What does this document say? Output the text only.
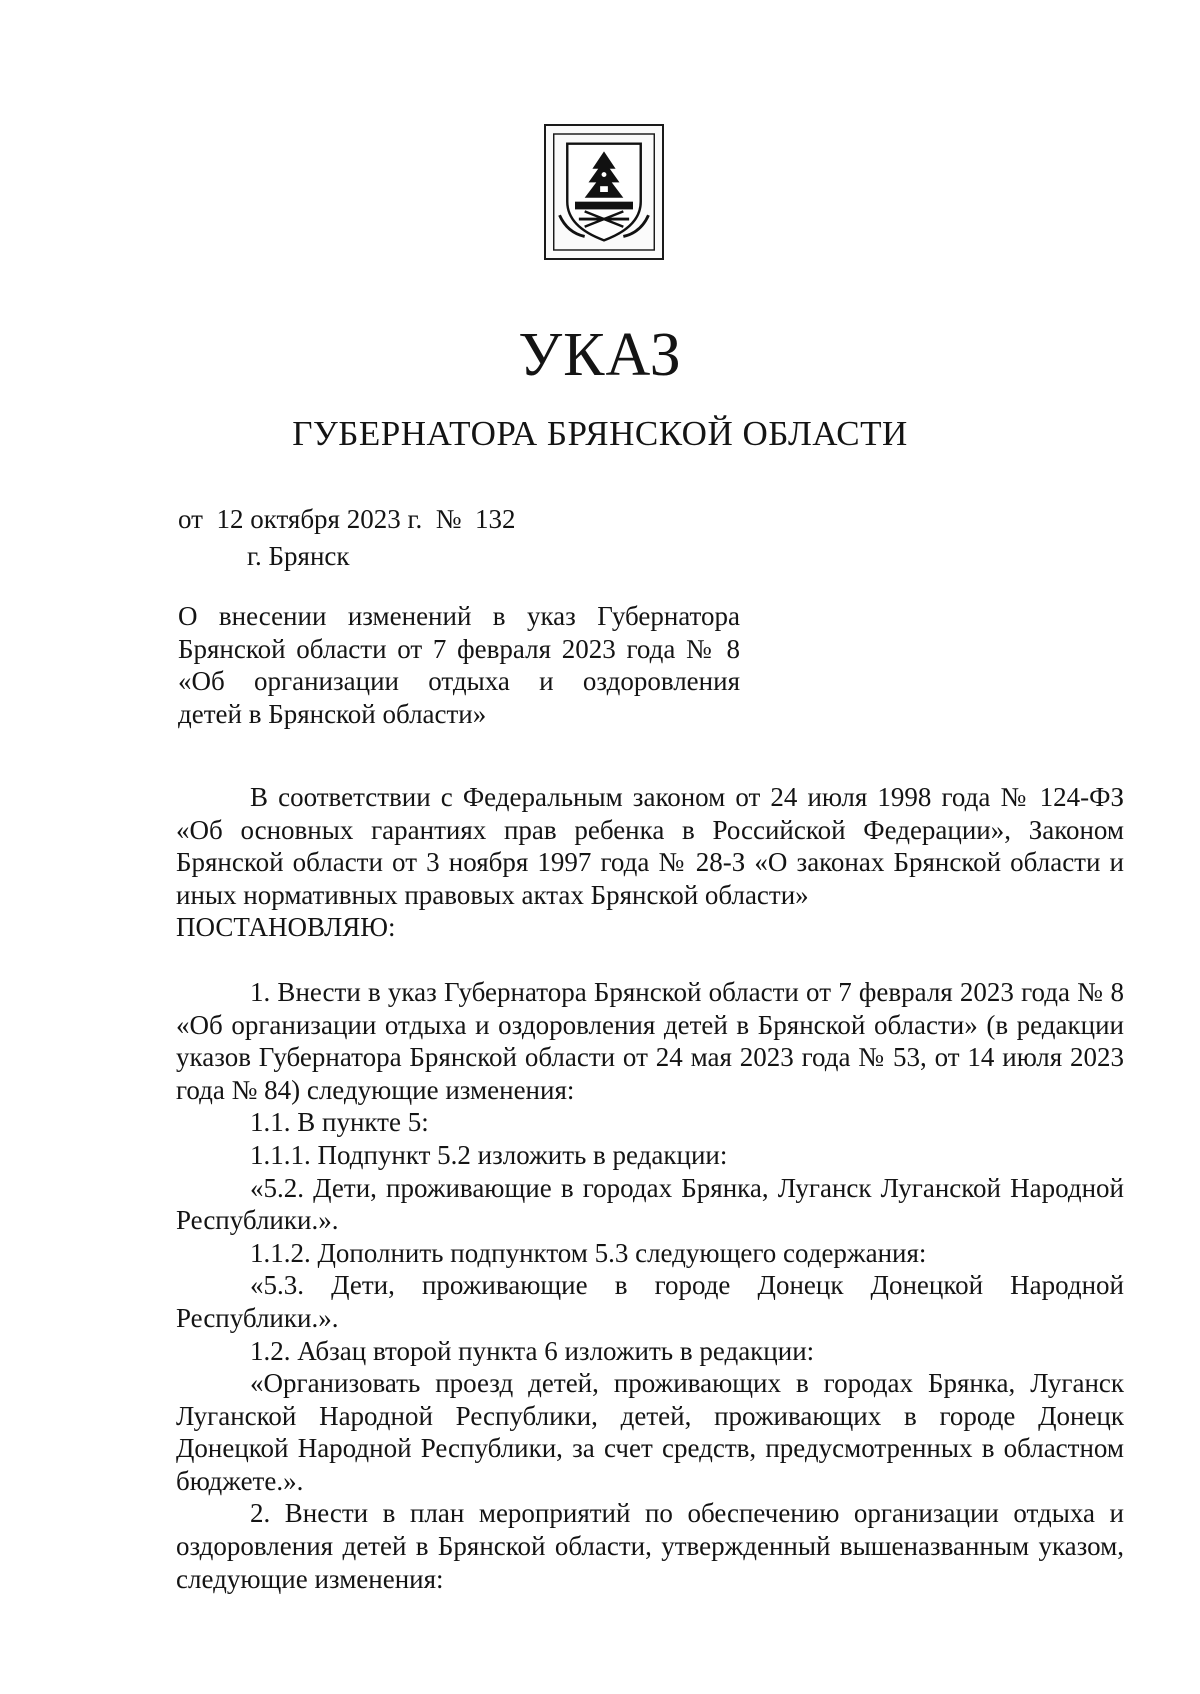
УКАЗ
ГУБЕРНАТОРА БРЯНСКОЙ ОБЛАСТИ
от  12 октября 2023 г.  №  132
г. Брянск
О внесении изменений в указ Губернатора
Брянской области от 7 февраля 2023 года № 8
«Об организации отдыха и оздоровления
детей в Брянской области»

В соответствии с Федеральным законом от 24 июля 1998 года № 124-ФЗ «Об основных гарантиях прав ребенка в Российской Федерации», Законом Брянской области от 3 ноября 1997 года № 28-З «О законах Брянской области и иных нормативных правовых актах Брянской области»

ПОСТАНОВЛЯЮ:

1. Внести в указ Губернатора Брянской области от 7 февраля 2023 года № 8 «Об организации отдыха и оздоровления детей в Брянской области» (в редакции указов Губернатора Брянской области от 24 мая 2023 года № 53, от 14 июля 2023 года № 84) следующие изменения:

1.1. В пункте 5:

1.1.1. Подпункт 5.2 изложить в редакции:

«5.2. Дети, проживающие в городах Брянка, Луганск Луганской Народной Республики.».

1.1.2. Дополнить подпунктом 5.3 следующего содержания:

«5.3. Дети, проживающие в городе Донецк Донецкой Народной Республики.».

1.2. Абзац второй пункта 6 изложить в редакции:

«Организовать проезд детей, проживающих в городах Брянка, Луганск Луганской Народной Республики, детей, проживающих в городе Донецк Донецкой Народной Республики, за счет средств, предусмотренных в областном бюджете.».

2. Внести в план мероприятий по обеспечению организации отдыха и оздоровления детей в Брянской области, утвержденный вышеназванным указом, следующие изменения:
